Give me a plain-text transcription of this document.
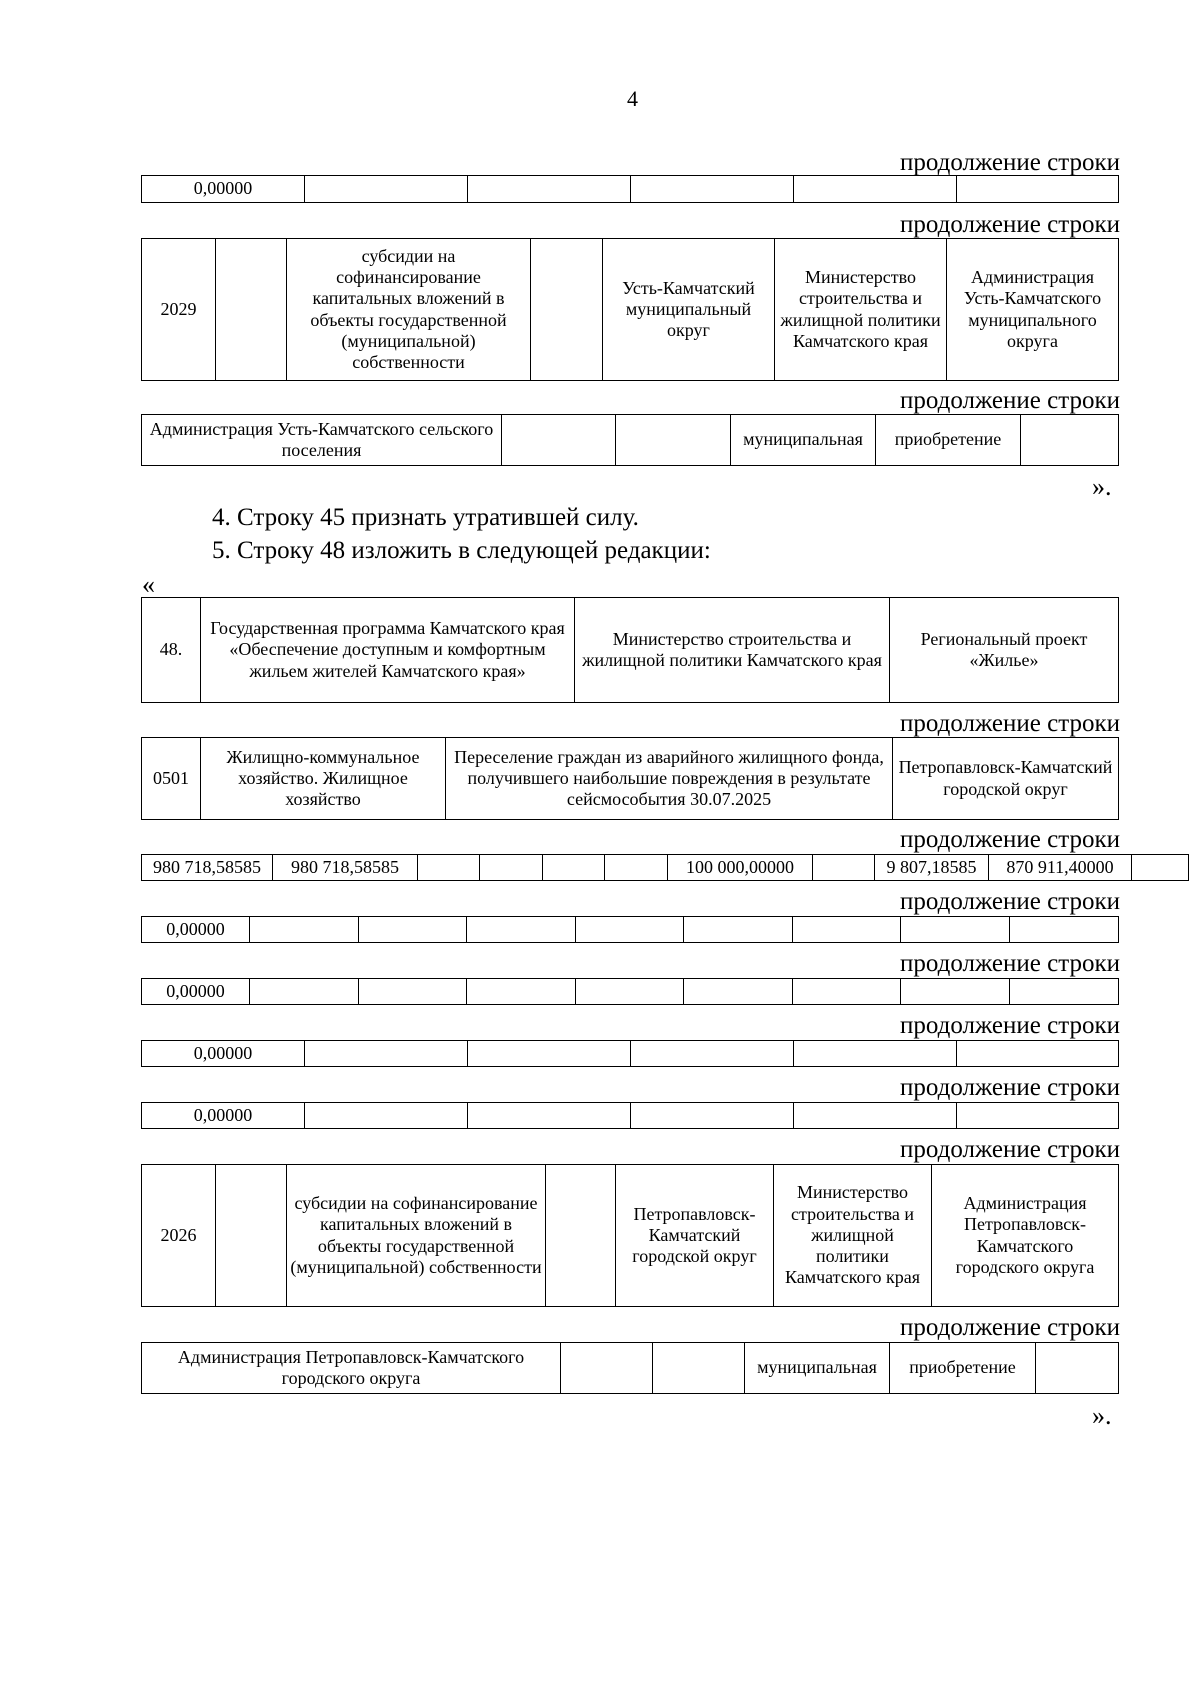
4
продолжение строки
0,00000					
продолжение строки
2029		субсидии на софинансирование капитальных вложений в объекты государственной (муниципальной) собственности		Усть-Камчатский муниципальный округ	Министерство строительства и жилищной политики Камчатского края	Администрация Усть-Камчатского муниципального округа
продолжение строки
Администрация Усть-Камчатского сельского поселения			муниципальная	приобретение	
».
4. Строку 45 признать утратившей силу.
5. Строку 48 изложить в следующей редакции:
«
48.	Государственная программа Камчатского края «Обеспечение доступным и комфортным жильем жителей Камчатского края»	Министерство строительства и жилищной политики Камчатского края	Региональный проект «Жилье»
продолжение строки
0501	Жилищно-коммунальное хозяйство. Жилищное хозяйство	Переселение граждан из аварийного жилищного фонда, получившего наибольшие повреждения в результате сейсмособытия 30.07.2025	Петропавловск-Камчатский городской округ
продолжение строки
980 718,58585	980 718,58585					100 000,00000		9 807,18585	870 911,40000	
продолжение строки
0,00000								
продолжение строки
0,00000								
продолжение строки
0,00000					
продолжение строки
0,00000					
продолжение строки
2026		субсидии на софинансирование капитальных вложений в объекты государственной (муниципальной) собственности		Петропавловск-Камчатский городской округ	Министерство строительства и жилищной политики Камчатского края	Администрация Петропавловск-Камчатского городского округа
продолжение строки
Администрация Петропавловск-Камчатского городского округа			муниципальная	приобретение	
».
